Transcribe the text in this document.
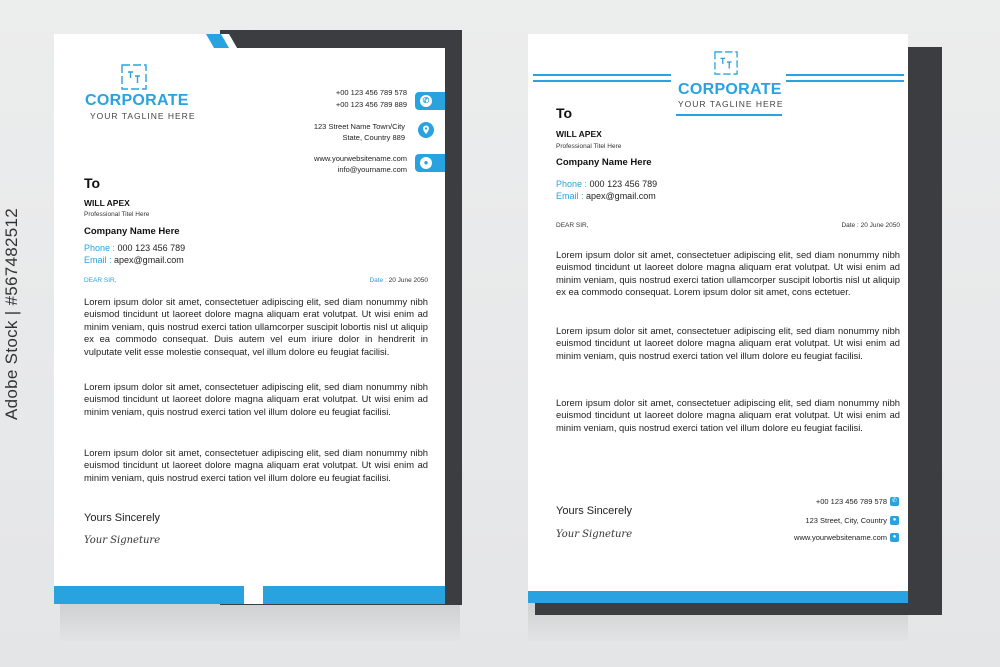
Adobe Stock | #567482512
CORPORATE
YOUR TAGLINE HERE
+00 123 456 789 578
+00 123 456 789 889
123 Street Name Town/City
State, Country 889
www.yourwebsitename.com
info@yourname.com
✆
●
To
WILL APEX
Professional Titel Here
Company Name Here
Phone : 000 123 456 789
Email : apex@gmail.com
DEAR SIR,	Date : 20 June 2050
Lorem ipsum dolor sit amet, consectetuer adipiscing elit, sed diam nonummy nibh euismod tincidunt ut laoreet dolore magna aliquam erat volutpat. Ut wisi enim ad minim veniam, quis nostrud exerci tation ullamcorper suscipit lobortis nisl ut aliquip ex ea commodo consequat. Duis autem vel eum iriure dolor in hendrerit in vulputate velit esse molestie consequat, vel illum dolore eu feugiat facilisi.
Lorem ipsum dolor sit amet, consectetuer adipiscing elit, sed diam nonummy nibh euismod tincidunt ut laoreet dolore magna aliquam erat volutpat. Ut wisi enim ad minim veniam, quis nostrud exerci tation vel illum dolore eu feugiat facilisi.
Lorem ipsum dolor sit amet, consectetuer adipiscing elit, sed diam nonummy nibh euismod tincidunt ut laoreet dolore magna aliquam erat volutpat. Ut wisi enim ad minim veniam, quis nostrud exerci tation vel illum dolore eu feugiat facilisi.
Yours Sincerely
Your Signeture
CORPORATE
YOUR TAGLINE HERE
To
WILL APEX
Professional Titel Here
Company Name Here
Phone : 000 123 456 789
Email : apex@gmail.com
DEAR SIR,	Date : 20 June 2050
Lorem ipsum dolor sit amet, consectetuer adipiscing elit, sed diam nonummy nibh euismod tincidunt ut laoreet dolore magna aliquam erat volutpat. Ut wisi enim ad minim veniam, quis nostrud exerci tation ullamcorper suscipit lobortis nisl ut aliquip ex ea commodo consequat. Lorem ipsum dolor sit amet, cons ectetuer.
Lorem ipsum dolor sit amet, consectetuer adipiscing elit, sed diam nonummy nibh euismod tincidunt ut laoreet dolore magna aliquam erat volutpat. Ut wisi enim ad minim veniam, quis nostrud exerci tation vel illum dolore eu feugiat facilisi.
Lorem ipsum dolor sit amet, consectetuer adipiscing elit, sed diam nonummy nibh euismod tincidunt ut laoreet dolore magna aliquam erat volutpat. Ut wisi enim ad minim veniam, quis nostrud exerci tation vel illum dolore eu feugiat facilisi.
Yours Sincerely
Your Signeture
+00 123 456 789 578 ✆
123 Street, City, Country ●
www.yourwebsitename.com ●
